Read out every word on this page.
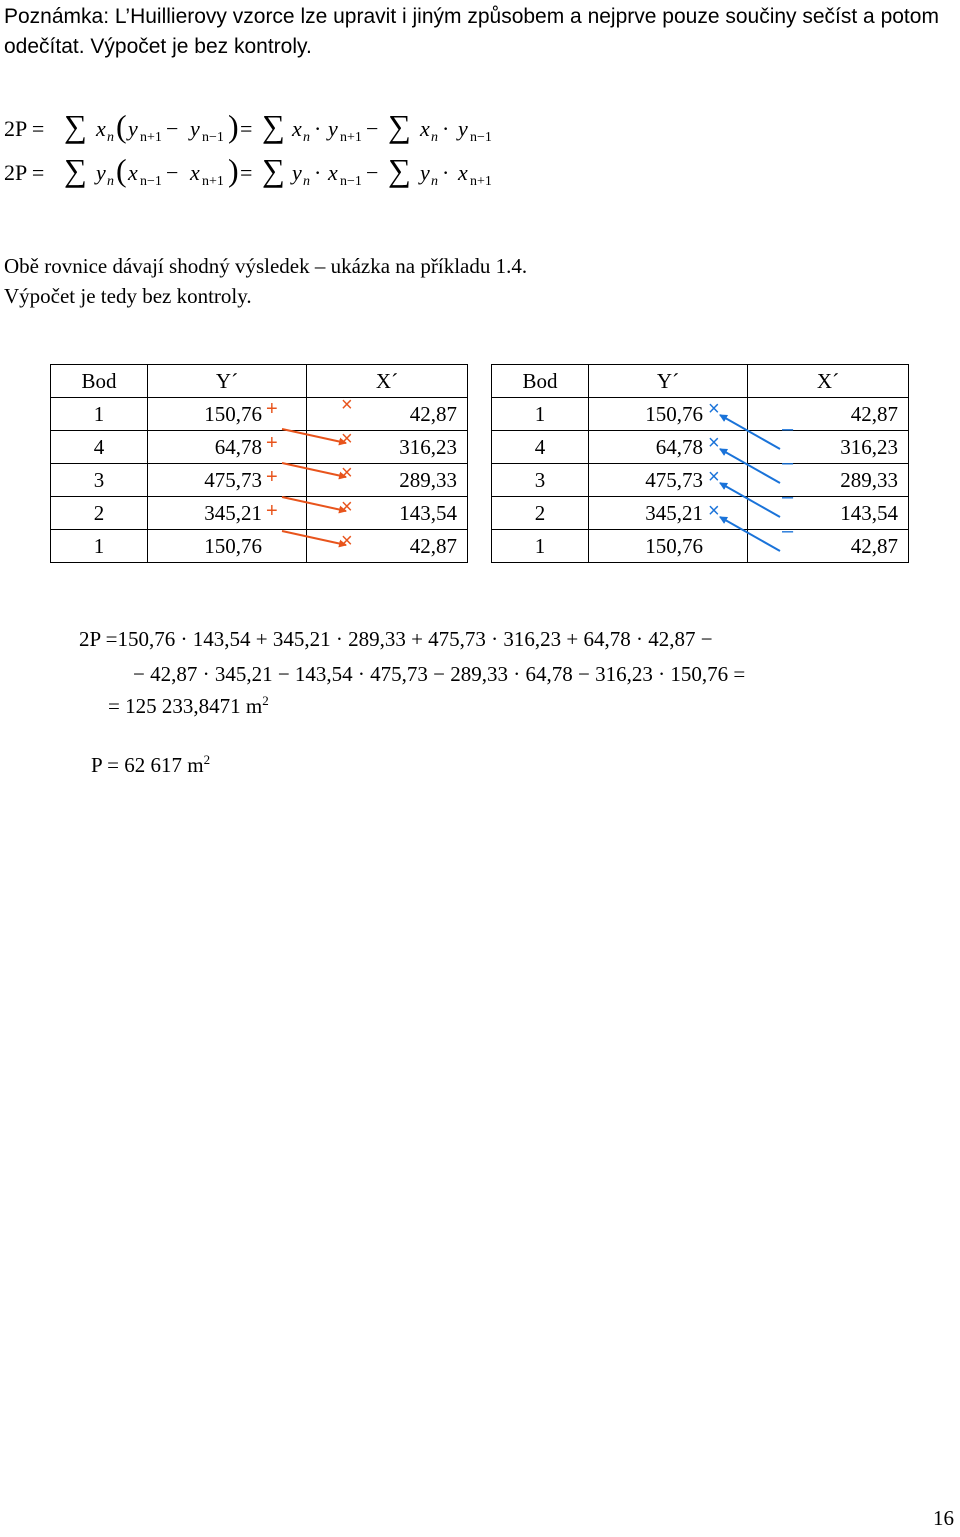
Poznámka: L’Huillierovy vzorce lze upravit i jiným způsobem a nejprve pouze součiny sečíst a potom odečítat. Výpočet je bez kontroly.
2P = ∑ x n ( y n+1 − y n−1 ) = ∑ x n · y n+1 − ∑ x n · y n−1
2P = ∑ y n ( x n−1 − x n+1 ) = ∑ y n · x n−1 − ∑ y n · x n+1
Obě rovnice dávají shodný výsledek – ukázka na příkladu 1.4.
Výpočet je tedy bez kontroly.
Bod	Y´	X´
1	150,76	42,87
4	64,78	316,23
3	475,73	289,33
2	345,21	143,54
1	150,76	42,87
Bod	Y´	X´
1	150,76	42,87
4	64,78	316,23
3	475,73	289,33
2	345,21	143,54
1	150,76	42,87
+
×
+
×
+
×
+
×
×	×
–
×
–
×
–
×
–
2P =150,76 · 143,54 + 345,21 · 289,33 + 475,73 · 316,23 + 64,78 · 42,87 −
− 42,87 · 345,21 − 143,54 · 475,73 − 289,33 · 64,78 − 316,23 · 150,76 =
= 125 233,8471 $m^2$
P = 62 617 $m^2$
16
